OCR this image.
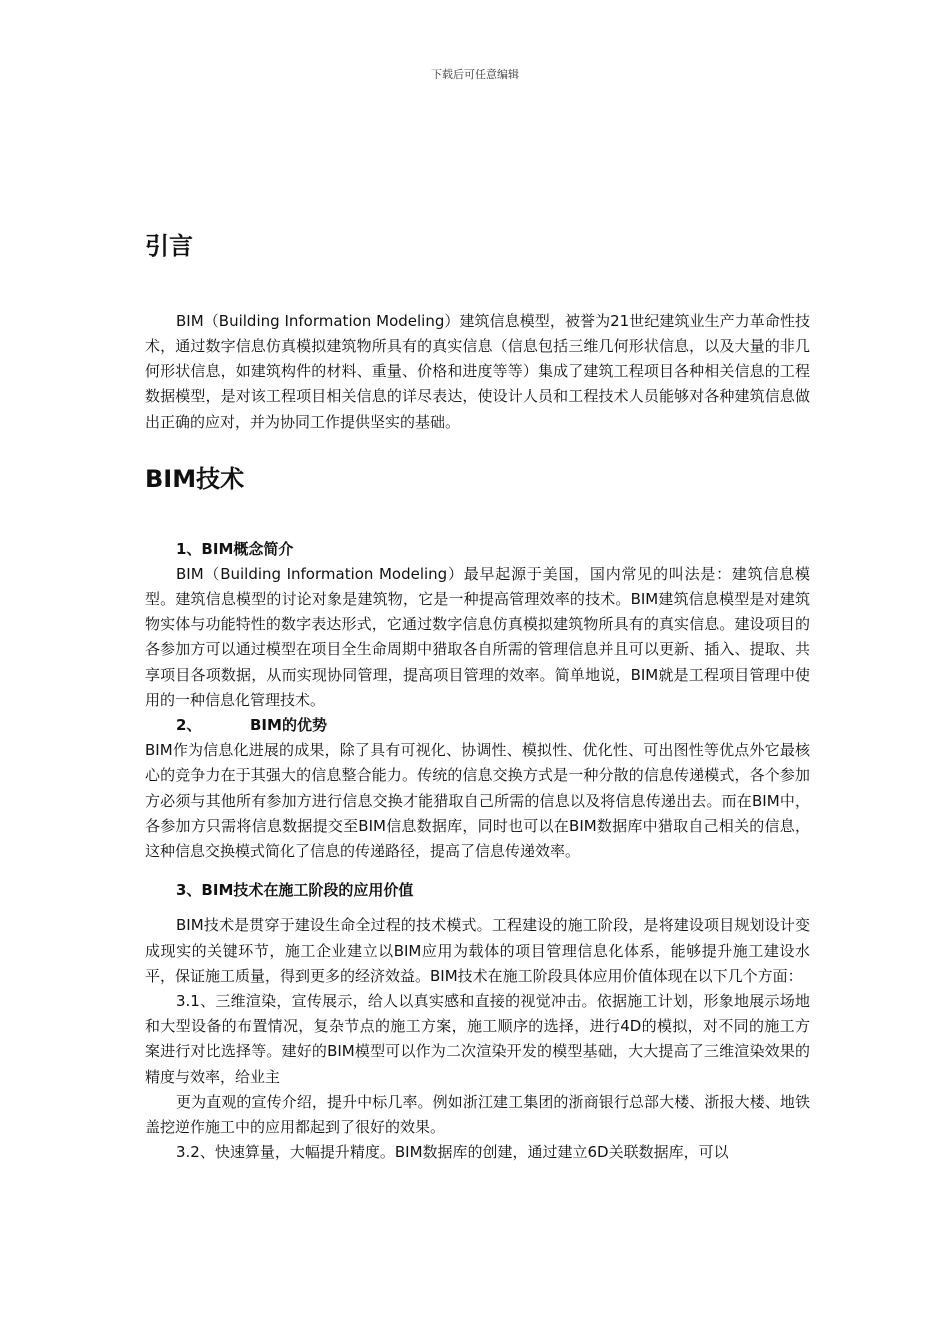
下载后可任意编辑
引言

BIM（Building Information Modeling）建筑信息模型，被誉为21世纪建筑业生产力革命性技术，通过数字信息仿真模拟建筑物所具有的真实信息（信息包括三维几何形状信息，以及大量的非几何形状信息，如建筑构件的材料、重量、价格和进度等等）集成了建筑工程项目各种相关信息的工程数据模型，是对该工程项目相关信息的详尽表达，使设计人员和工程技术人员能够对各种建筑信息做出正确的应对，并为协同工作提供坚实的基础。

BIM技术
1、BIM概念简介

BIM（Building Information Modeling）最早起源于美国，国内常见的叫法是：建筑信息模型。建筑信息模型的讨论对象是建筑物，它是一种提高管理效率的技术。BIM建筑信息模型是对建筑物实体与功能特性的数字表达形式，它通过数字信息仿真模拟建筑物所具有的真实信息。建设项目的各参加方可以通过模型在项目全生命周期中猎取各自所需的管理信息并且可以更新、插入、提取、共享项目各项数据，从而实现协同管理，提高项目管理的效率。简单地说，BIM就是工程项目管理中使用的一种信息化管理技术。

2、	BIM的优势

BIM作为信息化进展的成果，除了具有可视化、协调性、模拟性、优化性、可出图性等优点外它最核心的竞争力在于其强大的信息整合能力。传统的信息交换方式是一种分散的信息传递模式，各个参加方必须与其他所有参加方进行信息交换才能猎取自己所需的信息以及将信息传递出去。而在BIM中，各参加方只需将信息数据提交至BIM信息数据库，同时也可以在BIM数据库中猎取自己相关的信息，这种信息交换模式简化了信息的传递路径，提高了信息传递效率。

3、BIM技术在施工阶段的应用价值

BIM技术是贯穿于建设生命全过程的技术模式。工程建设的施工阶段，是将建设项目规划设计变成现实的关键环节，施工企业建立以BIM应用为载体的项目管理信息化体系，能够提升施工建设水平，保证施工质量，得到更多的经济效益。BIM技术在施工阶段具体应用价值体现在以下几个方面：

3.1、三维渲染，宣传展示，给人以真实感和直接的视觉冲击。依据施工计划，形象地展示场地和大型设备的布置情况，复杂节点的施工方案，施工顺序的选择，进行4D的模拟，对不同的施工方案进行对比选择等。建好的BIM模型可以作为二次渲染开发的模型基础，大大提高了三维渲染效果的精度与效率，给业主

更为直观的宣传介绍，提升中标几率。例如浙江建工集团的浙商银行总部大楼、浙报大楼、地铁盖挖逆作施工中的应用都起到了很好的效果。

3.2、快速算量，大幅提升精度。BIM数据库的创建，通过建立6D关联数据库，可以
